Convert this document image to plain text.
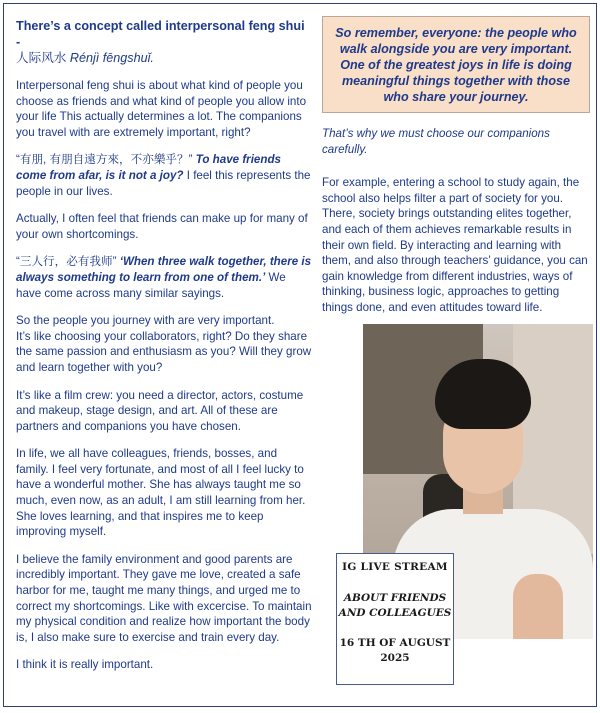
There’s a concept called interpersonal feng shui -
人际风水 Rénjì fēngshuǐ.

Interpersonal feng shui is about what kind of people you choose as friends and what kind of people you allow into your life This actually determines a lot. The companions you travel with are extremely important, right?

“有朋, 有朋自遠方來，不亦樂乎？” To have friends come from afar, is it not a joy? I feel this represents the people in our lives.

Actually, I often feel that friends can make up for many of your own shortcomings.

“三人行，必有我师” ‘When three walk together, there is always something to learn from one of them.’ We have come across many similar sayings.

So the people you journey with are very important.
It’s like choosing your collaborators, right? Do they share the same passion and enthusiasm as you? Will they grow and learn together with you?

It’s like a film crew: you need a director, actors, costume and makeup, stage design, and art. All of these are partners and companions you have chosen.

In life, we all have colleagues, friends, bosses, and family. I feel very fortunate, and most of all I feel lucky to have a wonderful mother. She has always taught me so much, even now, as an adult, I am still learning from her. She loves learning, and that inspires me to keep improving myself.

I believe the family environment and good parents are incredibly important. They gave me love, created a safe harbor for me, taught me many things, and urged me to correct my shortcomings. Like with excercise. To maintain my physical condition and realize how important the body is, I also make sure to exercise and train every day.

I think it is really important.

So remember, everyone: the people who walk alongside you are very important. One of the greatest joys in life is doing meaningful things together with those who share your journey.

That’s why we must choose our companions carefully.

For example, entering a school to study again, the school also helps filter a part of society for you. There, society brings outstanding elites together, and each of them achieves remarkable results in their own field. By interacting and learning with them, and also through teachers’ guidance, you can gain knowledge from different industries, ways of thinking, business logic, approaches to getting things done, and even attitudes toward life.

IG LIVE STREAM
ABOUT FRIENDS
AND COLLEAGUES
16 TH OF AUGUST
2025
